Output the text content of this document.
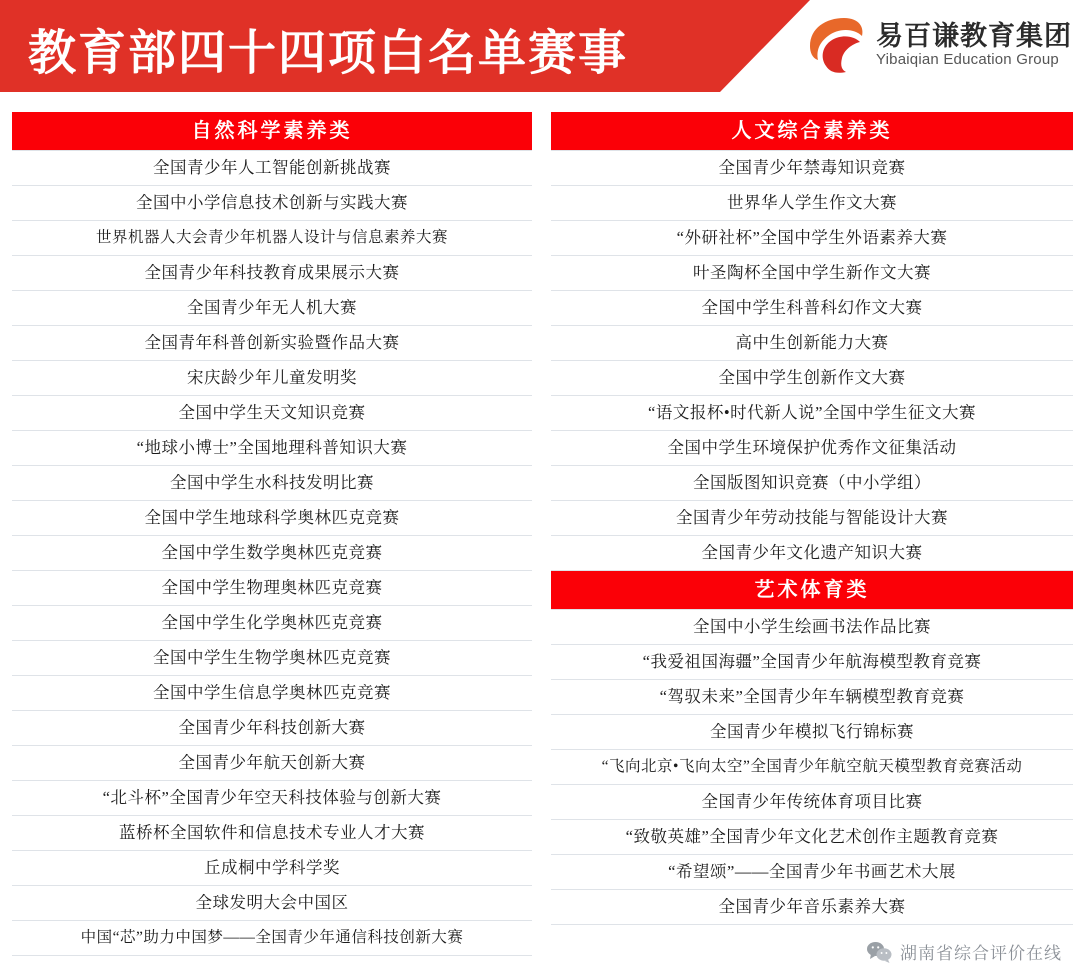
教育部四十四项白名单赛事	易百谦教育集团
Yibaiqian Education Group
自然科学素养类
全国青少年人工智能创新挑战赛
全国中小学信息技术创新与实践大赛
世界机器人大会青少年机器人设计与信息素养大赛
全国青少年科技教育成果展示大赛
全国青少年无人机大赛
全国青年科普创新实验暨作品大赛
宋庆龄少年儿童发明奖
全国中学生天文知识竞赛
“地球小博士”全国地理科普知识大赛
全国中学生水科技发明比赛
全国中学生地球科学奥林匹克竞赛
全国中学生数学奥林匹克竞赛
全国中学生物理奥林匹克竞赛
全国中学生化学奥林匹克竞赛
全国中学生生物学奥林匹克竞赛
全国中学生信息学奥林匹克竞赛
全国青少年科技创新大赛
全国青少年航天创新大赛
“北斗杯”全国青少年空天科技体验与创新大赛
蓝桥杯全国软件和信息技术专业人才大赛
丘成桐中学科学奖
全球发明大会中国区
中国“芯”助力中国梦——全国青少年通信科技创新大赛
人文综合素养类
全国青少年禁毒知识竞赛
世界华人学生作文大赛
“外研社杯”全国中学生外语素养大赛
叶圣陶杯全国中学生新作文大赛
全国中学生科普科幻作文大赛
高中生创新能力大赛
全国中学生创新作文大赛
“语文报杯•时代新人说”全国中学生征文大赛
全国中学生环境保护优秀作文征集活动
全国版图知识竞赛（中小学组）
全国青少年劳动技能与智能设计大赛
全国青少年文化遗产知识大赛
艺术体育类
全国中小学生绘画书法作品比赛
“我爱祖国海疆”全国青少年航海模型教育竞赛
“驾驭未来”全国青少年车辆模型教育竞赛
全国青少年模拟飞行锦标赛
“飞向北京•飞向太空”全国青少年航空航天模型教育竞赛活动
全国青少年传统体育项目比赛
“致敬英雄”全国青少年文化艺术创作主题教育竞赛
“希望颂”——全国青少年书画艺术大展
全国青少年音乐素养大赛
湖南省综合评价在线
